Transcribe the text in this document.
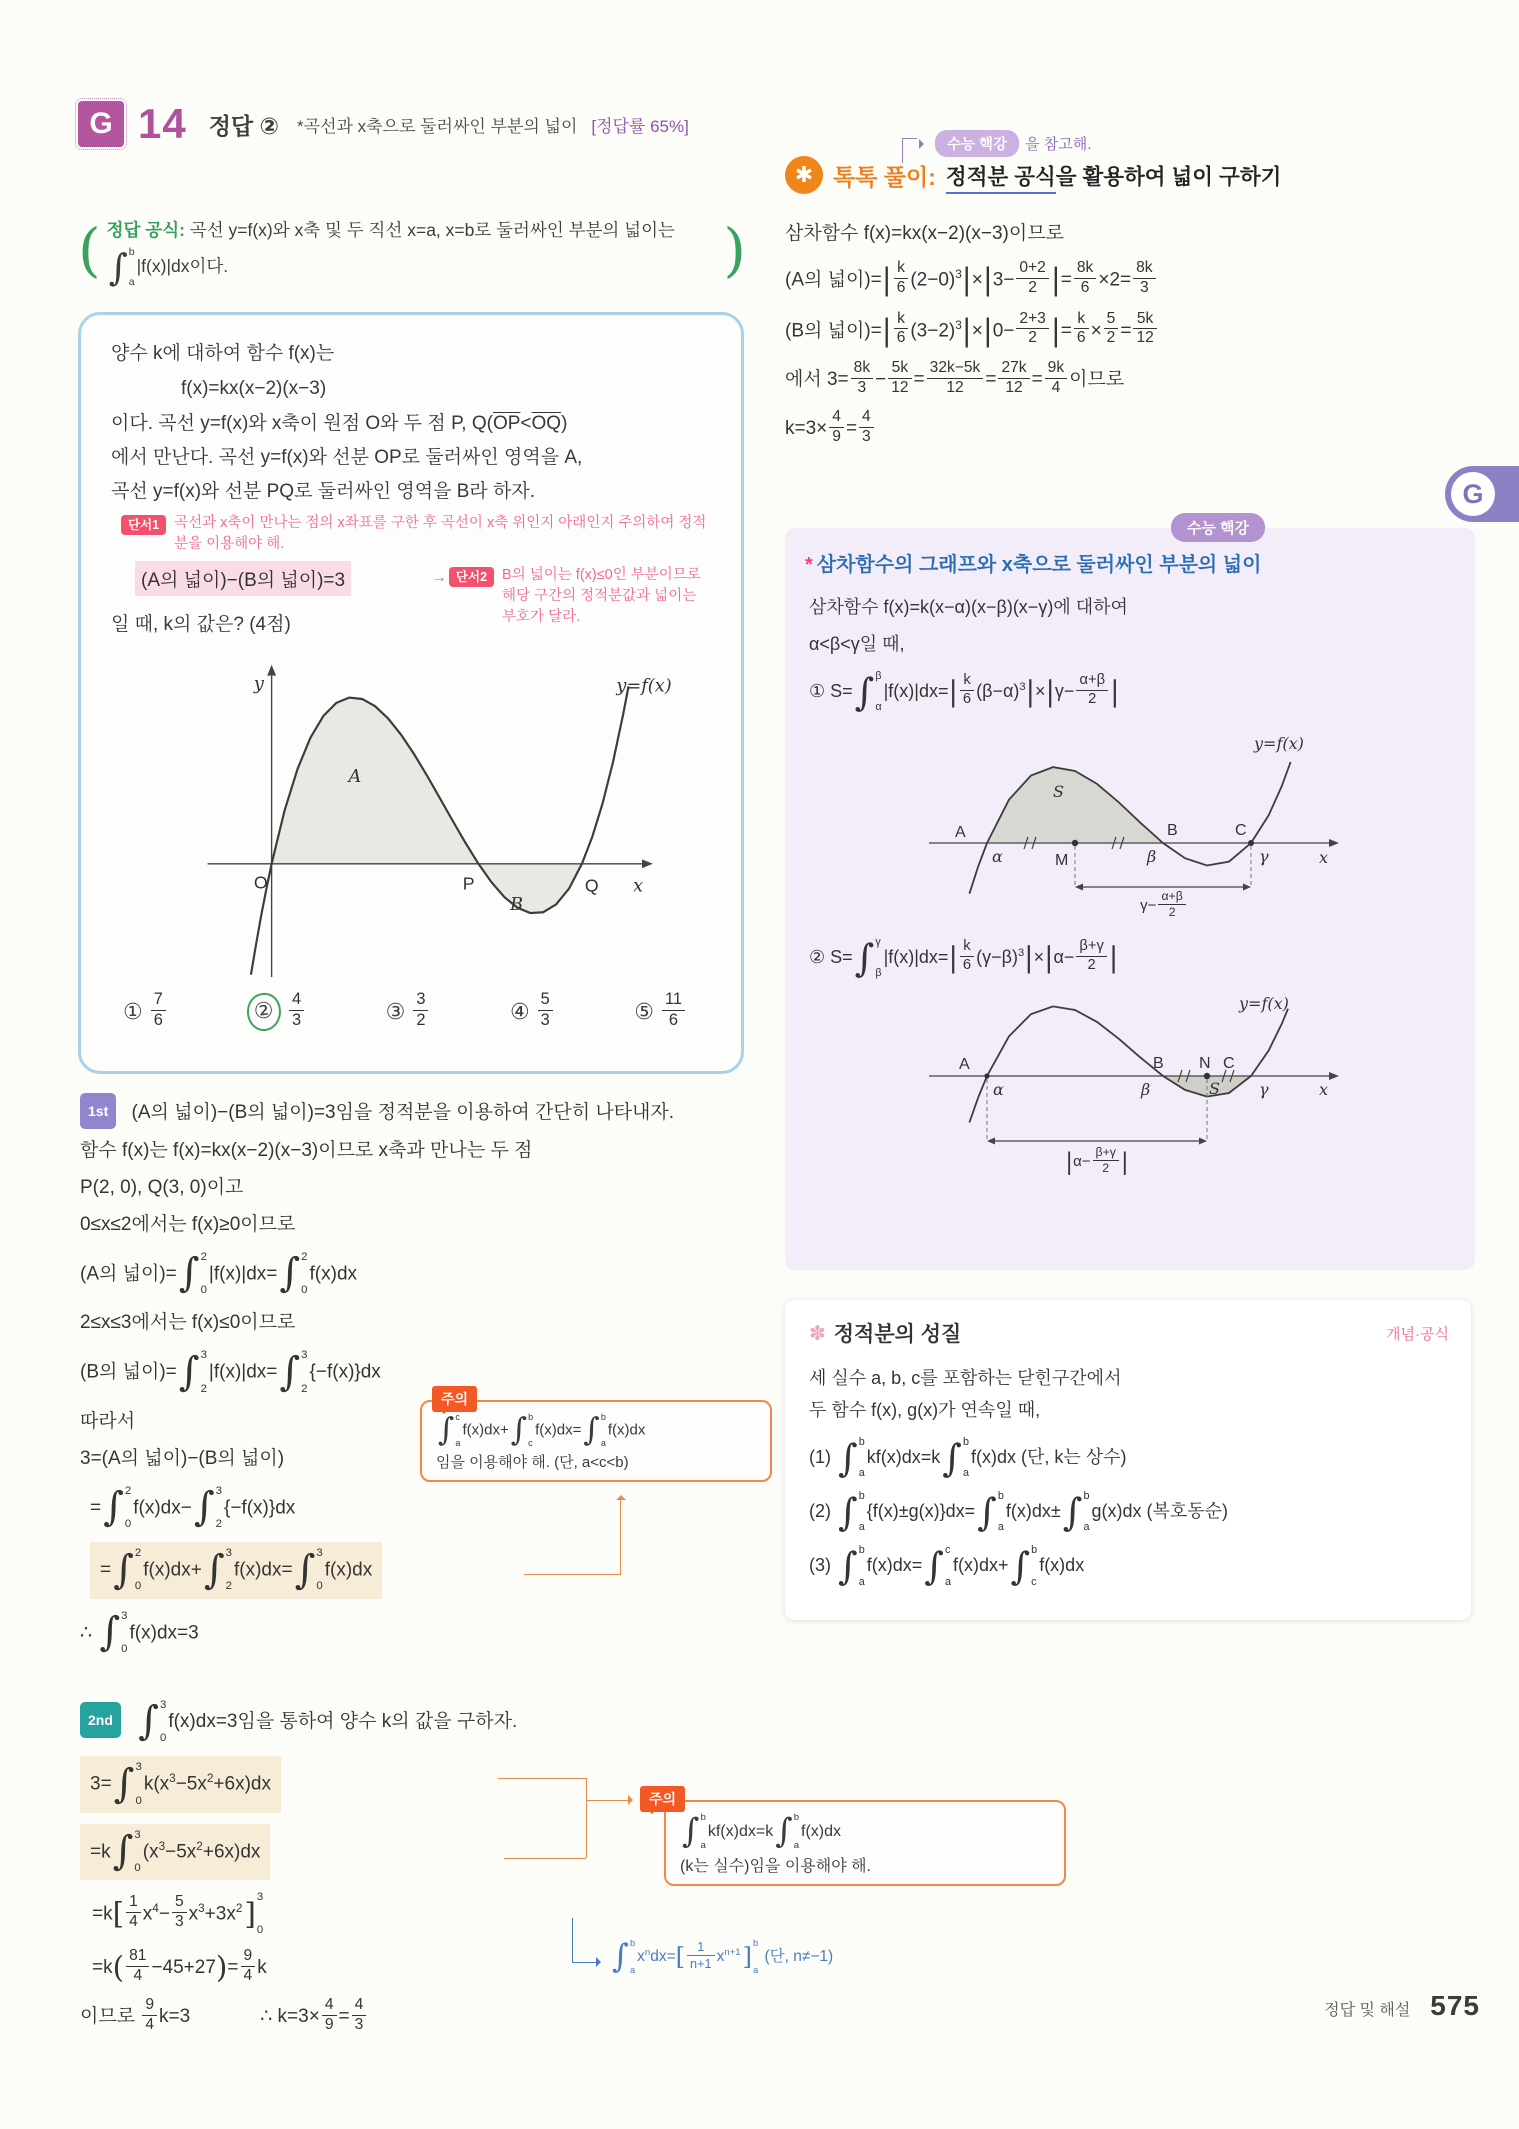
G 14 정답 ② *곡선과 x축으로 둘러싸인 부분의 넓이 [정답률 65%]
( 정답 공식: 곡선 y=f(x)와 x축 및 두 직선 x=a, x=b로 둘러싸인 부분의 넓이는

∫ b
a
|f(x)|dx이다.	)
양수 k에 대하여 함수 f(x)는
f(x)=kx(x−2)(x−3)
이다. 곡선 y=f(x)와 x축이 원점 O와 두 점 P, $Q(\overline{OP}<\overline{OQ})$
에서 만난다. 곡선 y=f(x)와 선분 OP로 둘러싸인 영역을 A,
곡선 y=f(x)와 선분 PQ로 둘러싸인 영역을 B라 하자.
단서1	곡선과 x축이 만나는 점의 x좌표를 구한 후 곡선이 x축 위인지 아래인지 주의하여 정적분을 이용해야 해.
(A의 넓이)−(B의 넓이)=3
일 때, k의 값은? (4점)
→ 단서2	B의 넓이는 f(x)≤0인 부분이므로 해당 구간의 정적분값과 넓이는 부호가 달라.
y
x
O	P	Q
A
B
y=f(x)
① $\frac{7}{6}$	② $\frac{4}{3}$	③ $\frac{3}{2}$	④ $\frac{5}{3}$	⑤ $\frac{11}{6}$
1st (A의 넓이)−(B의 넓이)=3임을 정적분을 이용하여 간단히 나타내자.
함수 f(x)는 f(x)=kx(x−2)(x−3)이므로 x축과 만나는 두 점
P(2, 0), Q(3, 0)이고
0≤x≤2에서는 f(x)≥0이므로
(A의 넓이)= ∫ 2
0
|f(x)|dx= ∫ 2
0
f(x)dx
2≤x≤3에서는 f(x)≤0이므로
(B의 넓이)= ∫ 3
2
|f(x)|dx= ∫ 3
2
{−f(x)}dx
따라서
3=(A의 넓이)−(B의 넓이)
= ∫ 2
0
f(x)dx− ∫ 3
2
{−f(x)}dx
= ∫ 2
0
f(x)dx+ ∫ 3
2
f(x)dx= ∫ 3
0
f(x)dx
∴ ∫ 3
0
f(x)dx=3
주의
∫ c
a
f(x)dx+ ∫ b
c
f(x)dx= ∫ b
a
f(x)dx
임을 이용해야 해. (단, a<c<b)
2nd ∫ 3
0
f(x)dx=3임을 통하여 양수 k의 값을 구하자.
3= ∫ 3
0
$k(x^3-5x^2+6x)dx$
=k ∫ 3
0
$(x^3-5x^2+6x)dx$
$=k[ \frac{1}{4} x^4- \frac{5}{3} x^3+3x^2$ ] 3
0
$=k( \frac{81}{4} -45+27)= \frac{9}{4}$ k
이므로 $\frac{9}{4} k=3$	∴ $k=3\times \frac{4}{9} = \frac{4}{3}$
주의
∫ b
a
kf(x)dx=k ∫ b
a
f(x)dx
(k는 실수)임을 이용해야 해.
∫ b
a
$x^ndx=[ \frac{1}{n+1} x^{n+1}$ ]
b
a
(단, n≠−1)
수능 핵강	을 참고해.
✱ 톡톡 풀이: 정적분 공식을 활용하여 넓이 구하기
삼차함수 f(x)=kx(x−2)(x−3)이므로
(A의 넓이)=| $\frac{k}{6} (2-0)^3|\times|3- \frac{0+2}{2}$ |= $\frac{8k}{6} \times 2= \frac{8k}{3}$
(B의 넓이)=| $\frac{k}{6} (3-2)^3|\times|0- \frac{2+3}{2}$ |= $\frac{k}{6} \times \frac{5}{2} = \frac{5k}{12}$
에서 $3= \frac{8k}{3} - \frac{5k}{12} = \frac{32k-5k}{12} = \frac{27k}{12} = \frac{9k}{4}$ 이므로
$k=3\times \frac{4}{9} = \frac{4}{3}$
수능 핵강
* 삼차함수의 그래프와 x축으로 둘러싸인 부분의 넓이
삼차함수 f(x)=k(x−α)(x−β)(x−γ)에 대하여
α<β<γ일 때,
① S= ∫ β
α
$|f(x)|dx=| \frac{k}{6} (\beta-\alpha)^3|\times|\gamma- \frac{\alpha+\beta}{2}$ |
A
α	M
B
β
C
γ
S
x
y=f(x)
$\gamma- \frac{\alpha+\beta}{2}$
② S= ∫ γ
β
$|f(x)|dx=| \frac{k}{6} (\gamma-\beta)^3|\times|\alpha- \frac{\beta+\gamma}{2}$ |
A
α
B
β
N C
γ
S	x
y=f(x)
$|\alpha- \frac{\beta+\gamma}{2}$ |
✽ 정적분의 성질	개념·공식
세 실수 a, b, c를 포함하는 닫힌구간에서
두 함수 f(x), g(x)가 연속일 때,
(1) ∫ b
a
kf(x)dx=k ∫ b
a
f(x)dx (단, k는 상수)
(2) ∫ b
a
{f(x)±g(x)}dx= ∫ b
a
f(x)dx± ∫ b
a
g(x)dx (복호동순)
(3) ∫ b
a
f(x)dx= ∫ c
a
f(x)dx+ ∫ b
c
f(x)dx
G
정답 및 해설 575
